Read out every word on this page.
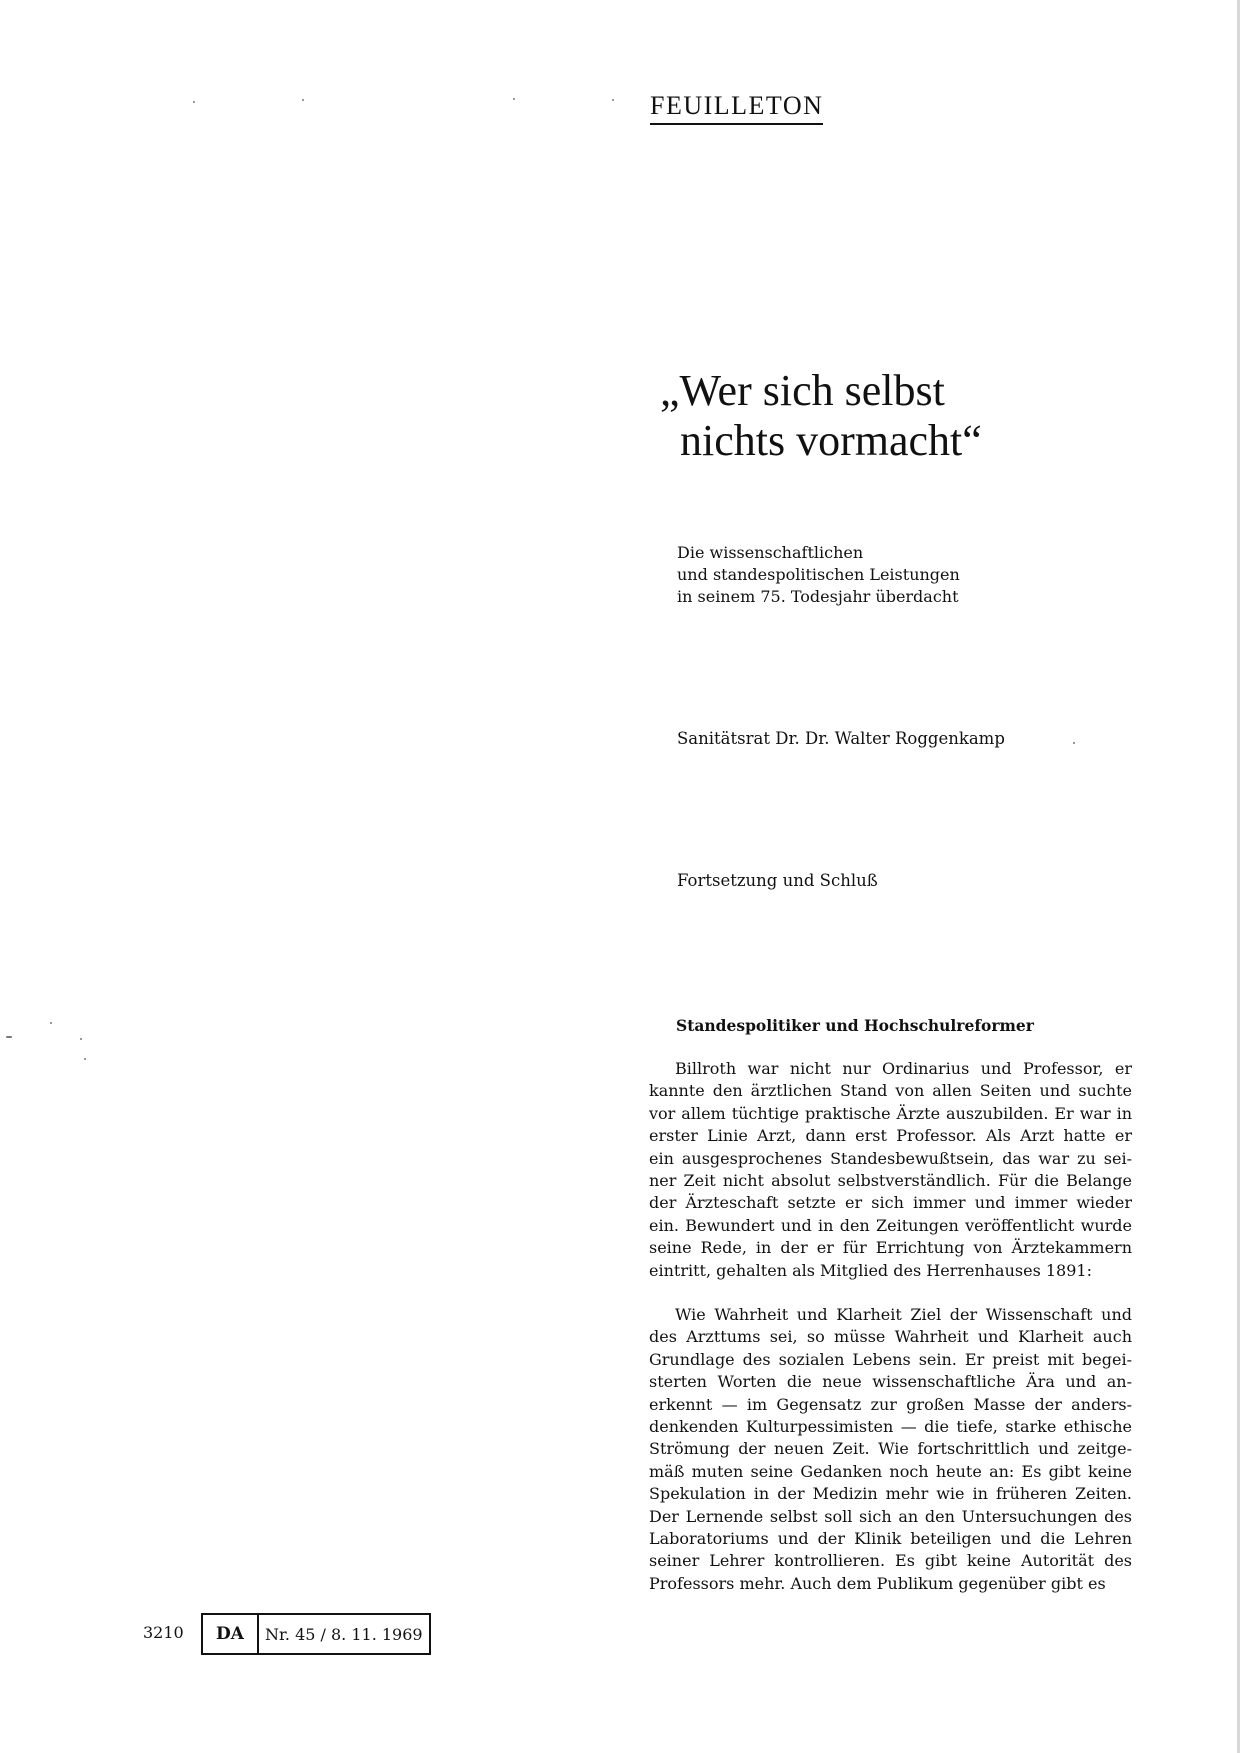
FEUILLETON
„Wer sich selbst
nichts vormacht“
Die wissenschaftlichen
und standespolitischen Leistungen
in seinem 75. Todesjahr überdacht
Sanitätsrat Dr. Dr. Walter Roggenkamp
Fortsetzung und Schluß
Standespolitiker und Hochschulreformer
Billroth war nicht nur Ordinarius und Professor, er
kannte den ärztlichen Stand von allen Seiten und suchte
vor allem tüchtige praktische Ärzte auszubilden. Er war in
erster Linie Arzt, dann erst Professor. Als Arzt hatte er
ein ausgesprochenes Standesbewußtsein, das war zu sei-
ner Zeit nicht absolut selbstverständlich. Für die Belange
der Ärzteschaft setzte er sich immer und immer wieder
ein. Bewundert und in den Zeitungen veröffentlicht wurde
seine Rede, in der er für Errichtung von Ärztekammern
eintritt, gehalten als Mitglied des Herrenhauses 1891:
Wie Wahrheit und Klarheit Ziel der Wissenschaft und
des Arzttums sei, so müsse Wahrheit und Klarheit auch
Grundlage des sozialen Lebens sein. Er preist mit begei-
sterten Worten die neue wissenschaftliche Ära und an-
erkennt — im Gegensatz zur großen Masse der anders-
denkenden Kulturpessimisten — die tiefe, starke ethische
Strömung der neuen Zeit. Wie fortschrittlich und zeitge-
mäß muten seine Gedanken noch heute an: Es gibt keine
Spekulation in der Medizin mehr wie in früheren Zeiten.
Der Lernende selbst soll sich an den Untersuchungen des
Laboratoriums und der Klinik beteiligen und die Lehren
seiner Lehrer kontrollieren. Es gibt keine Autorität des
Professors mehr. Auch dem Publikum gegenüber gibt es
3210	DA	Nr. 45 / 8. 11. 1969
